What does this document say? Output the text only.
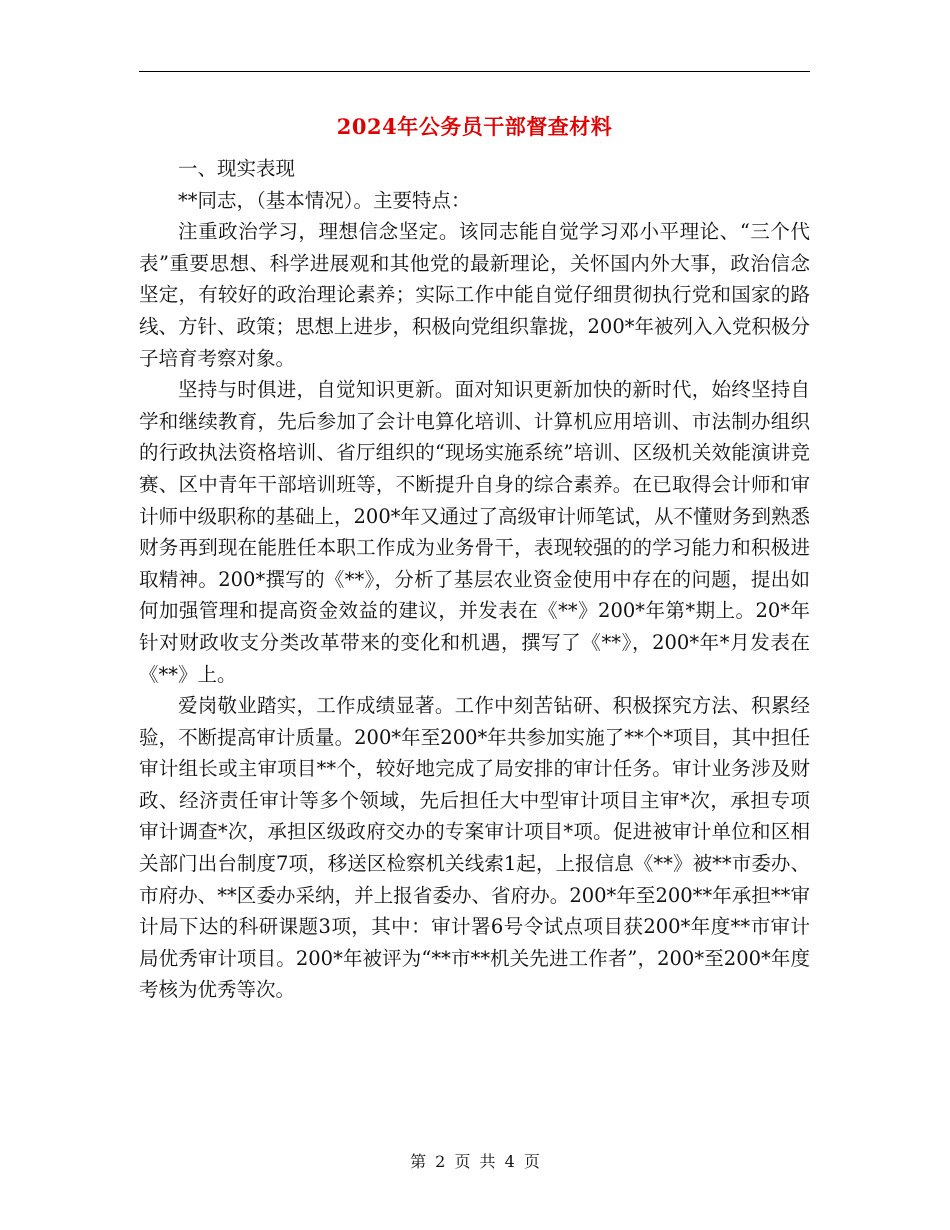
2024年公务员干部督查材料

一、现实表现

**同志，（基本情况）。主要特点：

注重政治学习，理想信念坚定。该同志能自觉学习邓小平理论、“三个代表”重要思想、科学进展观和其他党的最新理论，关怀国内外大事，政治信念坚定，有较好的政治理论素养；实际工作中能自觉仔细贯彻执行党和国家的路线、方针、政策；思想上进步，积极向党组织靠拢，200*年被列入入党积极分子培育考察对象。

坚持与时俱进，自觉知识更新。面对知识更新加快的新时代，始终坚持自学和继续教育，先后参加了会计电算化培训、计算机应用培训、市法制办组织的行政执法资格培训、省厅组织的“现场实施系统”培训、区级机关效能演讲竞赛、区中青年干部培训班等，不断提升自身的综合素养。在已取得会计师和审计师中级职称的基础上，200*年又通过了高级审计师笔试，从不懂财务到熟悉财务再到现在能胜任本职工作成为业务骨干，表现较强的的学习能力和积极进取精神。200*撰写的《**》，分析了基层农业资金使用中存在的问题，提出如何加强管理和提高资金效益的建议，并发表在《**》200*年第*期上。20*年针对财政收支分类改革带来的变化和机遇，撰写了《**》，200*年*月发表在《**》上。

爱岗敬业踏实，工作成绩显著。工作中刻苦钻研、积极探究方法、积累经验，不断提高审计质量。200*年至200*年共参加实施了**个*项目，其中担任审计组长或主审项目**个，较好地完成了局安排的审计任务。审计业务涉及财政、经济责任审计等多个领域，先后担任大中型审计项目主审*次，承担专项审计调查*次，承担区级政府交办的专案审计项目*项。促进被审计单位和区相关部门出台制度7项，移送区检察机关线索1起，上报信息《**》被**市委办、市府办、**区委办采纳，并上报省委办、省府办。200*年至200**年承担**审计局下达的科研课题3项，其中：审计署6号令试点项目获200*年度**市审计局优秀审计项目。200*年被评为“**市**机关先进工作者”，200*至200*年度考核为优秀等次。

第 2 页 共 4 页
